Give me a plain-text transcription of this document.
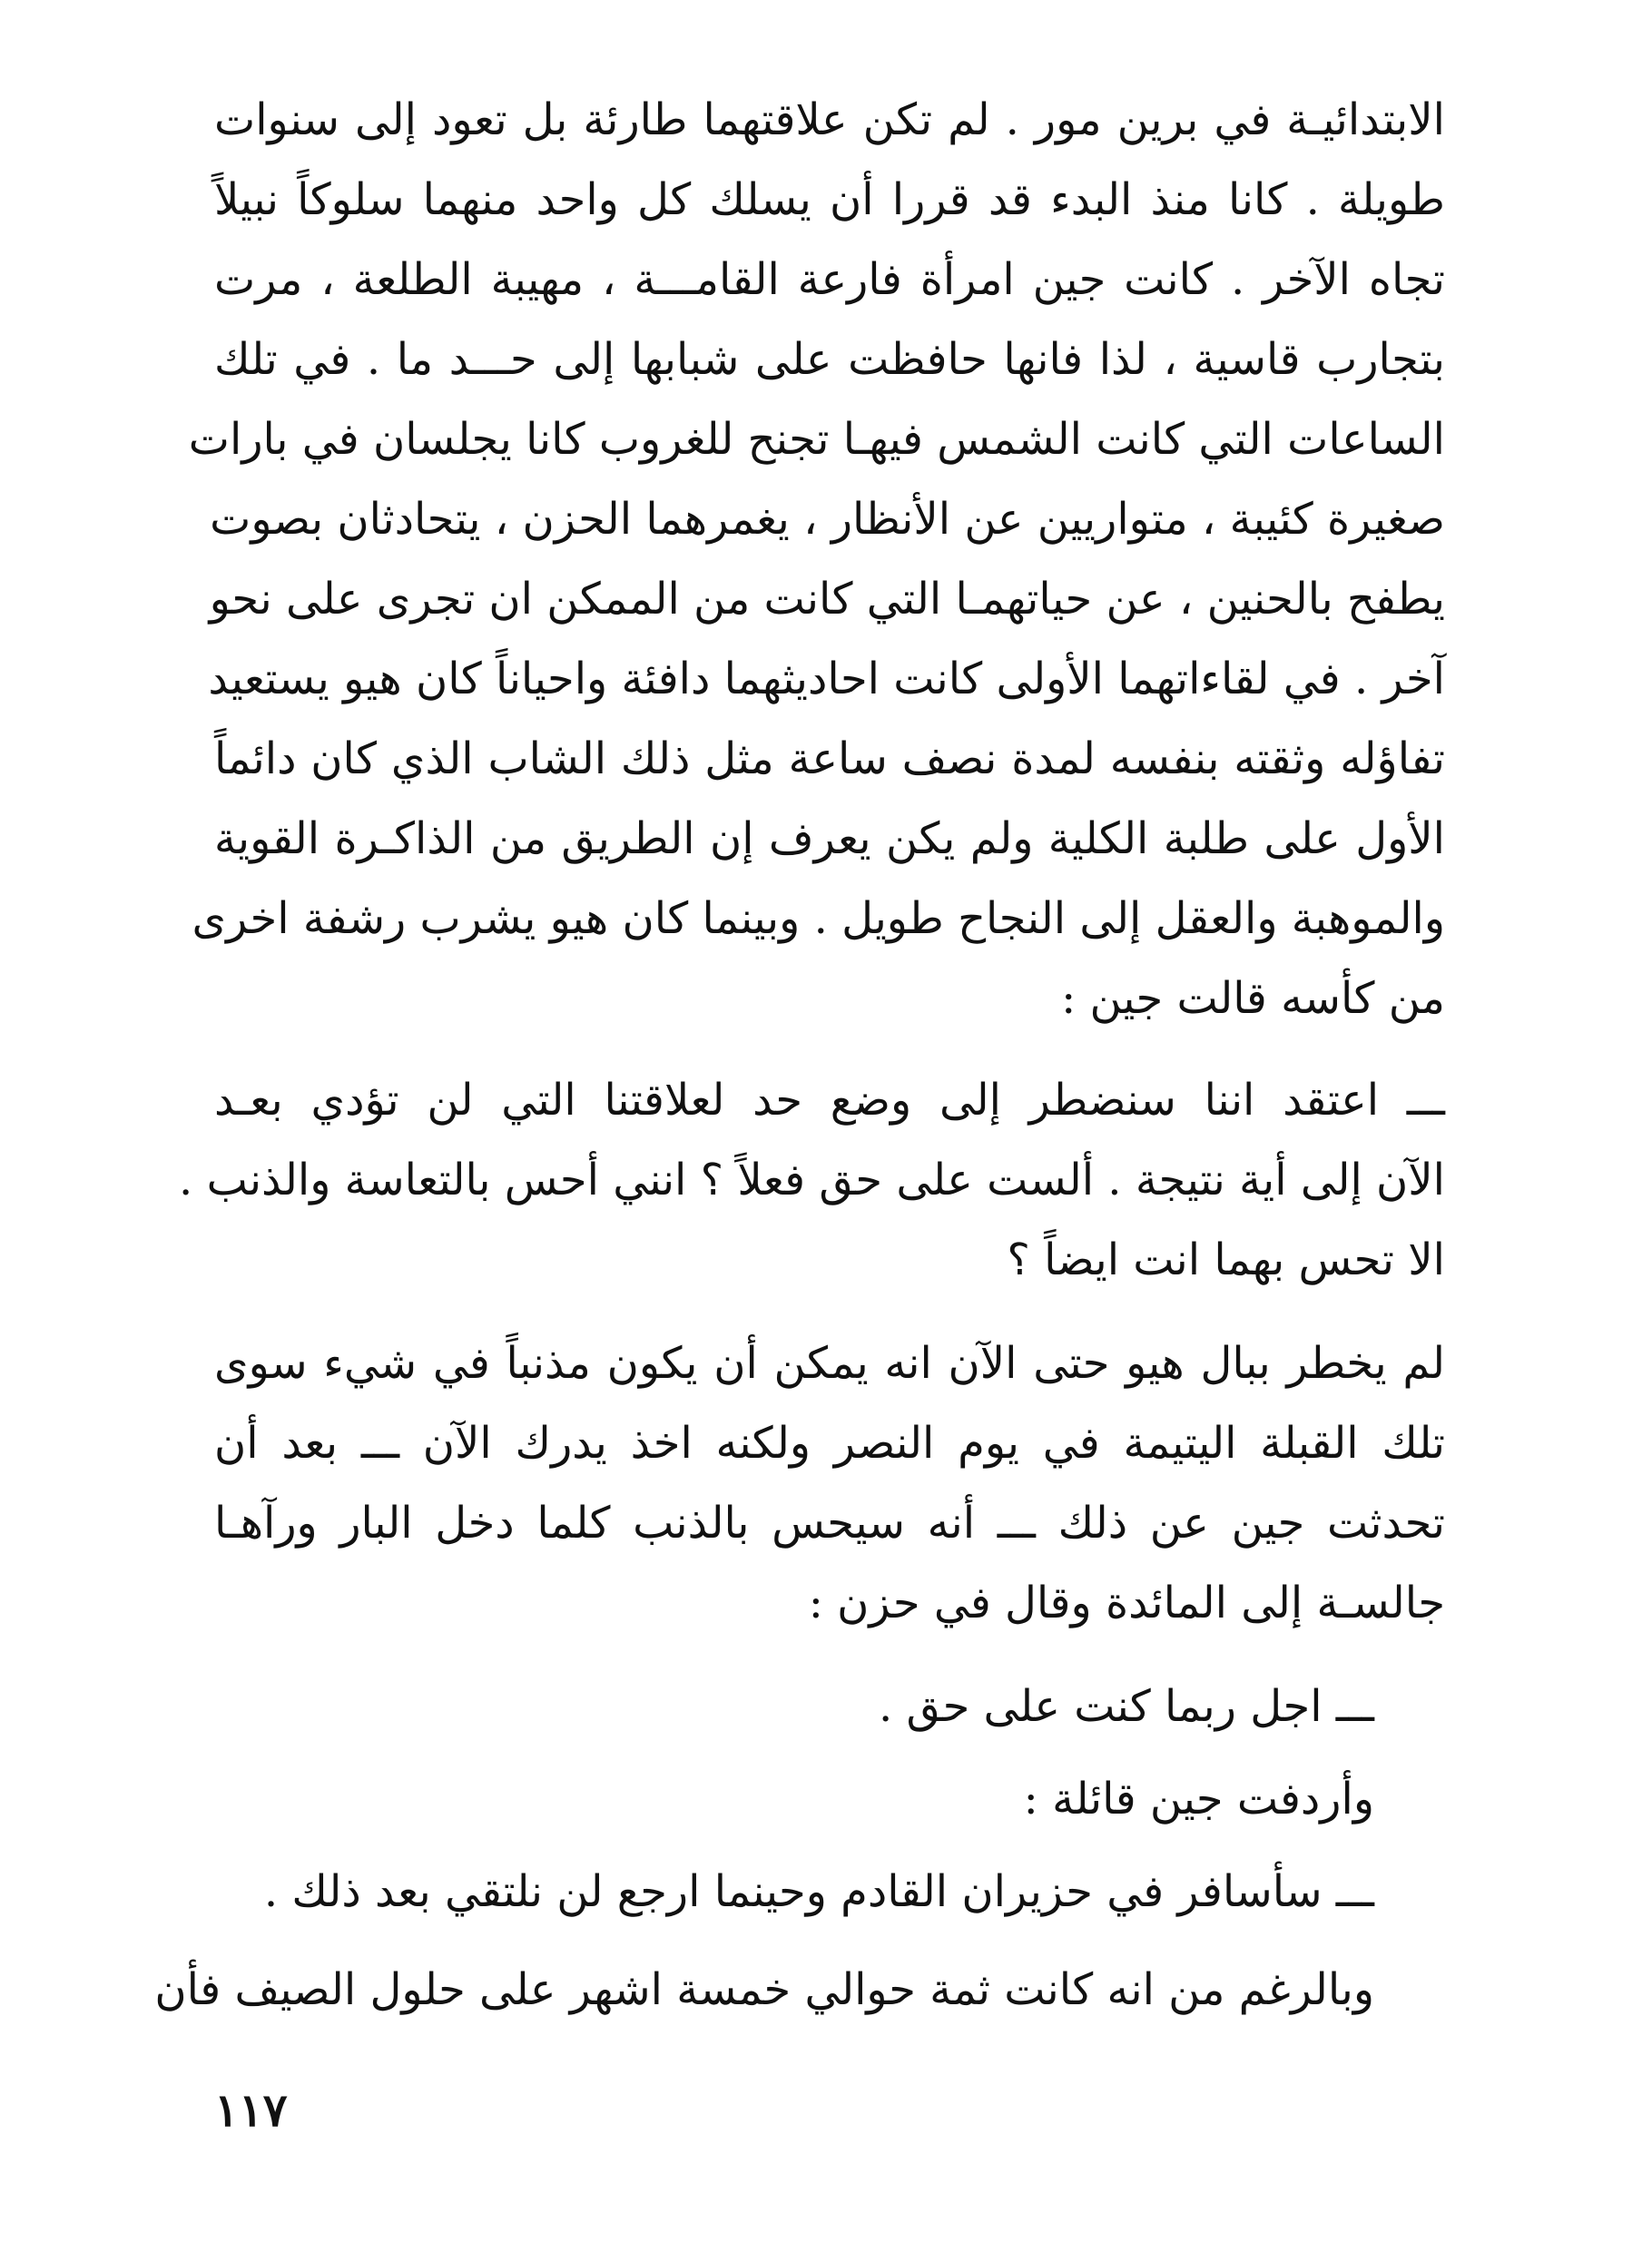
الابتدائيـة في برين مور . لم تكن علاقتهما طارئة بل تعود إلى سنوات
طويلة . كانا منذ البدء قد قررا أن يسلك كل واحد منهما سلوكاً نبيلاً
تجاه الآخر . كانت جين امرأة فارعة القامـــة ، مهيبة الطلعة ، مرت
بتجارب قاسية ، لذا فانها حافظت على شبابها إلى حـــد ما . في تلك
الساعات التي كانت الشمس فيهـا تجنح للغروب كانا يجلسان في بارات
صغيرة كئيبة ، متواريين عن الأنظار ، يغمرهما الحزن ، يتحادثان بصوت
يطفح بالحنين ، عن حياتهمـا التي كانت من الممكن ان تجرى على نحو
آخر . في لقاءاتهما الأولى كانت احاديثهما دافئة واحياناً كان هيو يستعيد
تفاؤله وثقته بنفسه لمدة نصف ساعة مثل ذلك الشاب الذي كان دائماً
الأول على طلبة الكلية ولم يكن يعرف إن الطريق من الذاكـرة القوية
والموهبة والعقل إلى النجاح طويل . وبينما كان هيو يشرب رشفة اخرى
من كأسه قالت جين :
ـــ اعتقد اننا سنضطر إلى وضع حد لعلاقتنا التي لن تؤدي بعـد
الآن إلى أية نتيجة . ألست على حق فعلاً ؟ انني أحس بالتعاسة والذنب .
الا تحس بهما انت ايضاً ؟
لم يخطر ببال هيو حتى الآن انه يمكن أن يكون مذنباً في شيء سوى
تلك القبلة اليتيمة في يوم النصر ولكنه اخذ يدرك الآن ـــ بعد أن
تحدثت جين عن ذلك ـــ أنه سيحس بالذنب كلما دخل البار ورآهـا
جالسـة إلى المائدة وقال في حزن :
ـــ اجل ربما كنت على حق .
وأردفت جين قائلة :
ـــ سأسافر في حزيران القادم وحينما ارجع لن نلتقي بعد ذلك .
وبالرغم من انه كانت ثمة حوالي خمسة اشهر على حلول الصيف فأن
١١٧
